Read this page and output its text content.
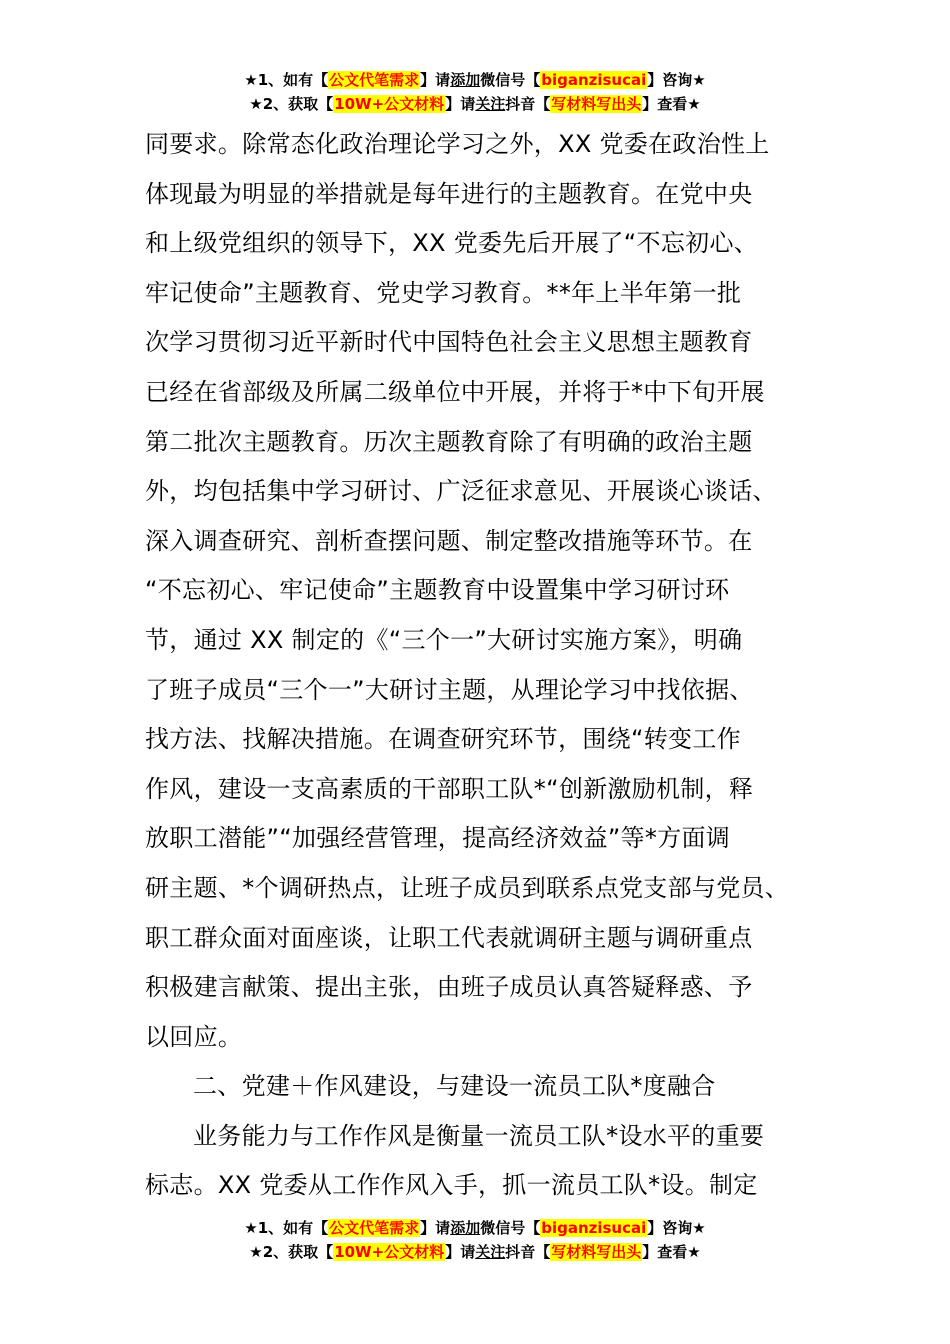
★1、如有【公文代笔需求】请添加微信号【biganzisucai】咨询★
★2、获取【10W+公文材料】请关注抖音【写材料写出头】查看★
同要求。除常态化政治理论学习之外，XX 党委在政治性上
体现最为明显的举措就是每年进行的主题教育。在党中央
和上级党组织的领导下，XX 党委先后开展了“不忘初心、
牢记使命”主题教育、党史学习教育。**年上半年第一批
次学习贯彻习近平新时代中国特色社会主义思想主题教育
已经在省部级及所属二级单位中开展，并将于*中下旬开展
第二批次主题教育。历次主题教育除了有明确的政治主题
外，均包括集中学习研讨、广泛征求意见、开展谈心谈话、
深入调查研究、剖析查摆问题、制定整改措施等环节。在
“不忘初心、牢记使命”主题教育中设置集中学习研讨环
节，通过 XX 制定的《“三个一”大研讨实施方案》，明确
了班子成员“三个一”大研讨主题，从理论学习中找依据、
找方法、找解决措施。在调查研究环节，围绕“转变工作
作风，建设一支高素质的干部职工队*“创新激励机制，释
放职工潜能”“加强经营管理，提高经济效益”等*方面调
研主题、*个调研热点，让班子成员到联系点党支部与党员、
职工群众面对面座谈，让职工代表就调研主题与调研重点
积极建言献策、提出主张，由班子成员认真答疑释惑、予
以回应。
二、党建＋作风建设，与建设一流员工队*度融合
业务能力与工作作风是衡量一流员工队*设水平的重要
标志。XX 党委从工作作风入手，抓一流员工队*设。制定
★1、如有【公文代笔需求】请添加微信号【biganzisucai】咨询★
★2、获取【10W+公文材料】请关注抖音【写材料写出头】查看★
